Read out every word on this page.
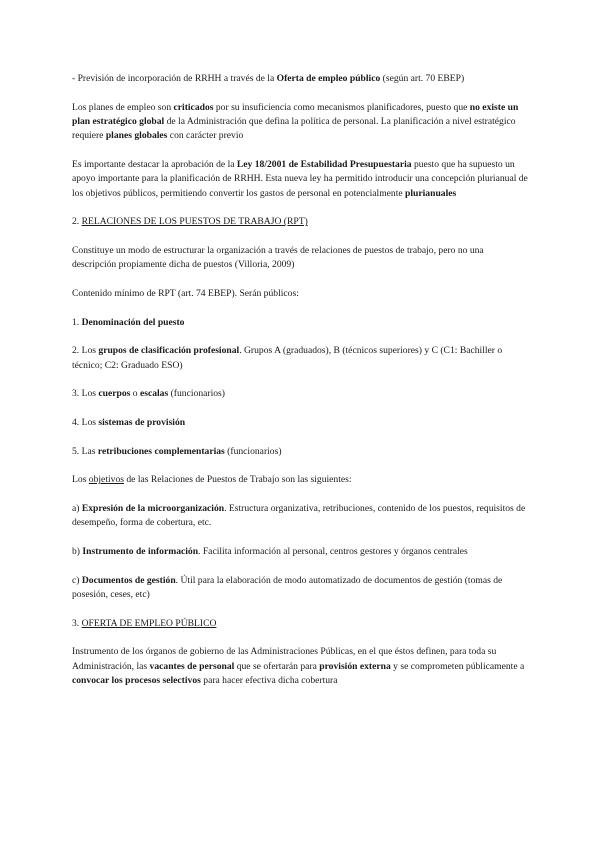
- Previsión de incorporación de RRHH a través de la Oferta de empleo público (según art. 70 EBEP)

Los planes de empleo son criticados por su insuficiencia como mecanismos planificadores, puesto que no existe un plan estratégico global de la Administración que defina la política de personal. La planificación a nivel estratégico requiere planes globales con carácter previo

Es importante destacar la aprobación de la Ley 18/2001 de Estabilidad Presupuestaria puesto que ha supuesto un apoyo importante para la planificación de RRHH. Esta nueva ley ha permitido introducir una concepción plurianual de los objetivos públicos, permitiendo convertir los gastos de personal en potencialmente plurianuales

2. RELACIONES DE LOS PUESTOS DE TRABAJO (RPT)

Constituye un modo de estructurar la organización a través de relaciones de puestos de trabajo, pero no una descripción propiamente dicha de puestos (Villoria, 2009)

Contenido mínimo de RPT (art. 74 EBEP). Serán públicos:

1. Denominación del puesto

2. Los grupos de clasificación profesional. Grupos A (graduados), B (técnicos superiores) y C (C1: Bachiller o técnico; C2: Graduado ESO)

3. Los cuerpos o escalas (funcionarios)

4. Los sistemas de provisión

5. Las retribuciones complementarias (funcionarios)

Los objetivos de las Relaciones de Puestos de Trabajo son las siguientes:

a) Expresión de la microorganización. Estructura organizativa, retribuciones, contenido de los puestos, requisitos de desempeño, forma de cobertura, etc.

b) Instrumento de información. Facilita información al personal, centros gestores y órganos centrales

c) Documentos de gestión. Útil para la elaboración de modo automatizado de documentos de gestión (tomas de posesión, ceses, etc)

3. OFERTA DE EMPLEO PÚBLICO

Instrumento de los órganos de gobierno de las Administraciones Públicas, en el que éstos definen, para toda su Administración, las vacantes de personal que se ofertarán para provisión externa y se comprometen públicamente a convocar los procesos selectivos para hacer efectiva dicha cobertura
